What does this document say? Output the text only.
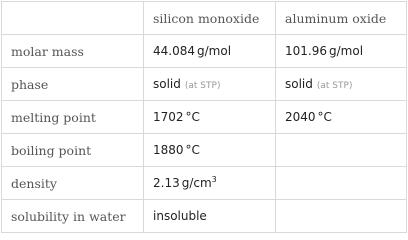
	silicon monoxide	aluminum oxide
molar mass	44.084 g/mol	101.96 g/mol
phase	solid (at STP)	solid (at STP)
melting point	1702 °C	2040 °C
boiling point	1880 °C	
density	2.13 $g/cm^3$	
solubility in water	insoluble	
